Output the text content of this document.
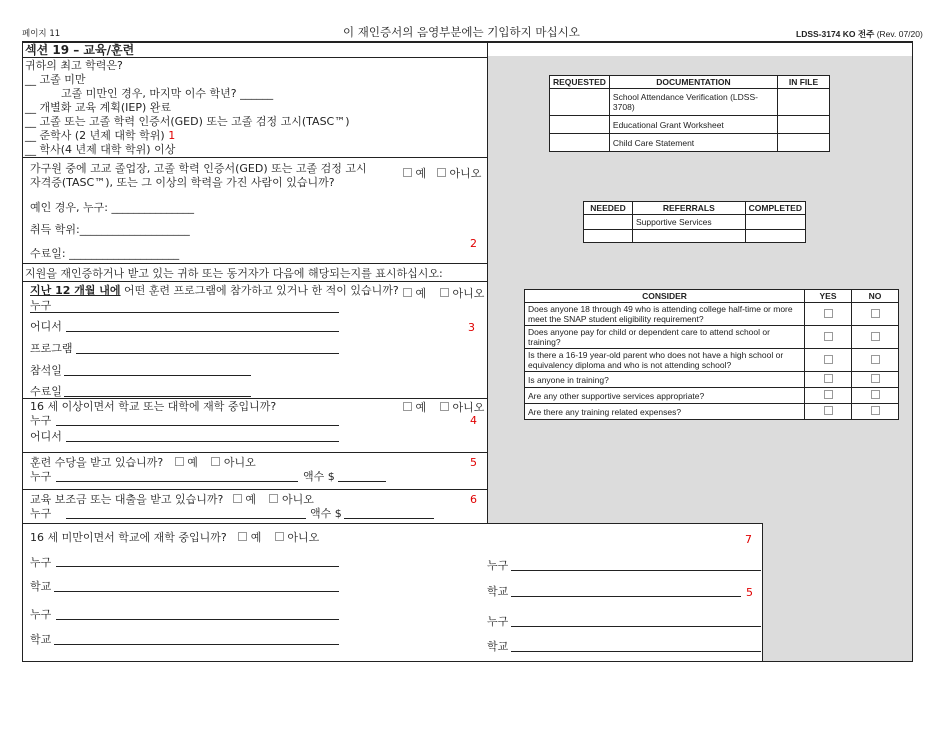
페이지 11	이 재인증서의 음영부분에는 기입하지 마십시오	LDSS-3174 KO 전주 (Rev. 07/20)
섹션 19 – 교육/훈련
귀하의 최고 학력은?
__ 고졸 미만
고졸 미만인 경우, 마지막 이수 학년? ______
__ 개별화 교육 계획(IEP) 완료
__ 고졸 또는 고졸 학력 인증서(GED) 또는 고졸 검정 고시(TASC™)
__ 준학사 (2 년제 대학 학위) 1
__ 학사(4 년제 대학 학위) 이상
가구원 중에 고교 졸업장, 고졸 학력 인증서(GED) 또는 고졸 검정 고시
자격증(TASC™), 또는 그 이상의 학력을 가진 사람이 있습니까?
예	아니오
예인 경우, 누구: _______________
취득 학위:____________________
2
수료일: ____________________
지원을 재인증하거나 받고 있는 귀하 또는 동거자가 다음에 해당되는지를 표시하십시오:
지난 12 개월 내에 어떤 훈련 프로그램에 참가하고 있거나 한 적이 있습니까?	예	아니오
누구
어디서	3
프로그램
참석일
수료일
16 세 이상이면서 학교 또는 대학에 재학 중입니까?	예	아니오
누구	4
어디서
훈련 수당을 받고 있습니까? 예 아니오	5
누구	액수 $
교육 보조금 또는 대출을 받고 있습니까? 예 아니오	6
누구	액수 $
16 세 미만이면서 학교에 재학 중입니까? 예 아니오	7
누구
학교
누구
학교
누구
학교	5
누구
학교
REQUESTED	DOCUMENTATION	IN FILE
	School Attendance Verification (LDSS-3708)	
	Educational Grant Worksheet	
	Child Care Statement	
NEEDED	REFERRALS	COMPLETED
	Supportive Services	

CONSIDER	YES	NO
Does anyone 18 through 49 who is attending college half-time or more meet the SNAP student eligibility requirement?		
Does anyone pay for child or dependent care to attend school or training?		
Is there a 16-19 year-old parent who does not have a high school or equivalency diploma and who is not attending school?		
Is anyone in training?		
Are any other supportive services appropriate?		
Are there any training related expenses?		
